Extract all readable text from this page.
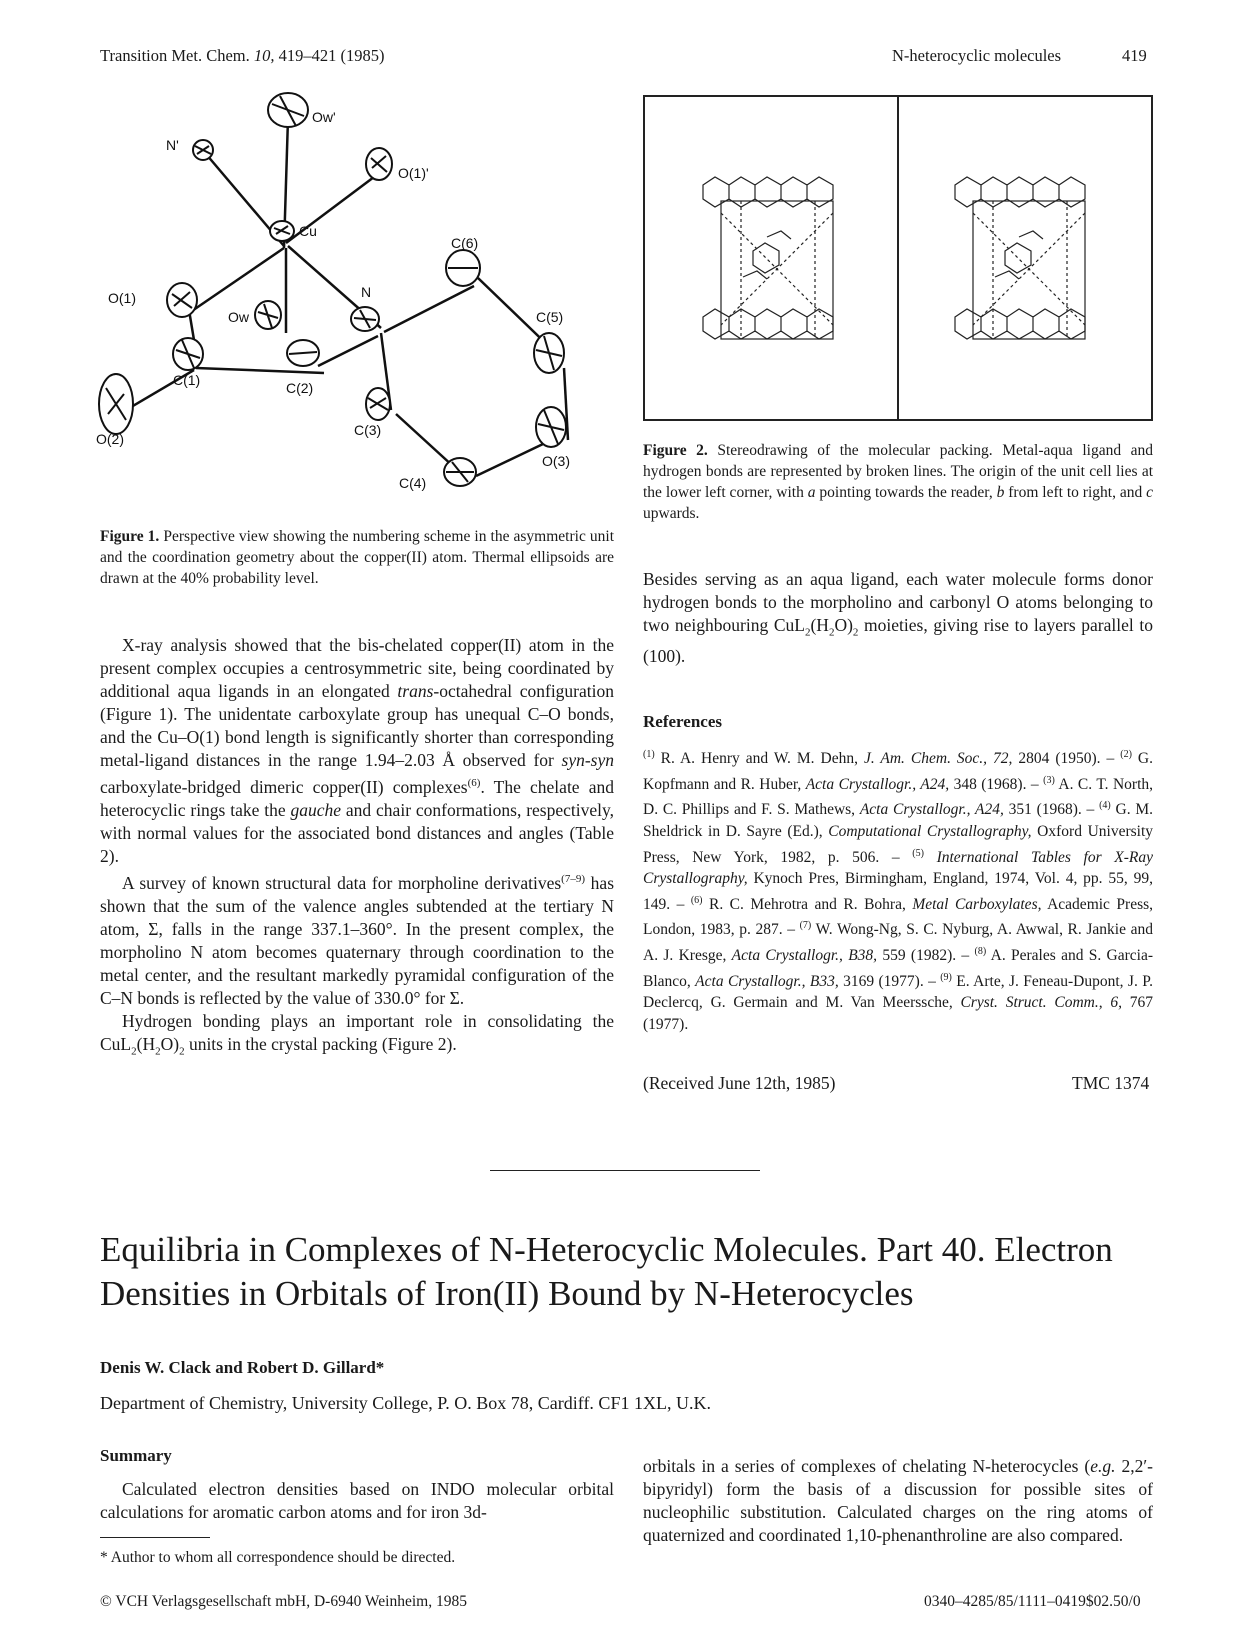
Transition Met. Chem. 10, 419–421 (1985)	N-heterocyclic molecules	419
Ow'
N'
O(1)'
Cu
C(6)
O(1)	N
C(5)
Ow
C(1)	C(2)
O(2)
C(3)
O(3)
C(4)
Figure 1. Perspective view showing the numbering scheme in the asymmetric unit and the coordination geometry about the copper(II) atom. Thermal ellipsoids are drawn at the 40% probability level.
Figure 2. Stereodrawing of the molecular packing. Metal-aqua ligand and hydrogen bonds are represented by broken lines. The origin of the unit cell lies at the lower left corner, with a pointing towards the reader, b from left to right, and c upwards.

X-ray analysis showed that the bis-chelated copper(II) atom in the present complex occupies a centrosymmetric site, being coordinated by additional aqua ligands in an elongated trans-octahedral configuration (Figure 1). The unidentate carboxylate group has unequal C–O bonds, and the Cu–O(1) bond length is significantly shorter than corresponding metal-ligand distances in the range 1.94–2.03 Å observed for syn-syn carboxylate-bridged dimeric copper(II) complexes$^{(6)}$. The chelate and heterocyclic rings take the gauche and chair conformations, respectively, with normal values for the associated bond distances and angles (Table 2).

A survey of known structural data for morpholine derivatives$^{(7-9)}$ has shown that the sum of the valence angles subtended at the tertiary N atom, Σ, falls in the range 337.1–360°. In the present complex, the morpholino N atom becomes quaternary through coordination to the metal center, and the resultant markedly pyramidal configuration of the C–N bonds is reflected by the value of 330.0° for Σ.

Hydrogen bonding plays an important role in consolidating the $CuL_2(H_2O)_2$ units in the crystal packing (Figure 2).

Besides serving as an aqua ligand, each water molecule forms donor hydrogen bonds to the morpholino and carbonyl O atoms belonging to two neighbouring $CuL_2(H_2O)_2$ moieties, giving rise to layers parallel to (100).

References
$^{(1)}$ R. A. Henry and W. M. Dehn, J. Am. Chem. Soc., 72, 2804 (1950). – $^{(2)}$ G. Kopfmann and R. Huber, Acta Crystallogr., A24, 348 (1968). – $^{(3)}$ A. C. T. North, D. C. Phillips and F. S. Mathews, Acta Crystallogr., A24, 351 (1968). – $^{(4)}$ G. M. Sheldrick in D. Sayre (Ed.), Computational Crystallography, Oxford University Press, New York, 1982, p. 506. – $^{(5)}$ International Tables for X-Ray Crystallography, Kynoch Pres, Birmingham, England, 1974, Vol. 4, pp. 55, 99, 149. – $^{(6)}$ R. C. Mehrotra and R. Bohra, Metal Carboxylates, Academic Press, London, 1983, p. 287. – $^{(7)}$ W. Wong-Ng, S. C. Nyburg, A. Awwal, R. Jankie and A. J. Kresge, Acta Crystallogr., B38, 559 (1982). – $^{(8)}$ A. Perales and S. Garcia-Blanco, Acta Crystallogr., B33, 3169 (1977). – $^{(9)}$ E. Arte, J. Feneau-Dupont, J. P. Declercq, G. Germain and M. Van Meerssche, Cryst. Struct. Comm., 6, 767 (1977).
(Received June 12th, 1985)	TMC 1374
Equilibria in Complexes of N-Heterocyclic Molecules. Part 40. Electron
Densities in Orbitals of Iron(II) Bound by N-Heterocycles
Denis W. Clack and Robert D. Gillard*
Department of Chemistry, University College, P. O. Box 78, Cardiff. CF1 1XL, U.K.
Summary

Calculated electron densities based on INDO molecular orbital calculations for aromatic carbon atoms and for iron 3d-

orbitals in a series of complexes of chelating N-heterocycles (e.g. 2,2′-bipyridyl) form the basis of a discussion for possible sites of nucleophilic substitution. Calculated charges on the ring atoms of quaternized and coordinated 1,10-phenanthroline are also compared.
* Author to whom all correspondence should be directed.
© VCH Verlagsgesellschaft mbH, D-6940 Weinheim, 1985	0340–4285/85/1111–0419$02.50/0
